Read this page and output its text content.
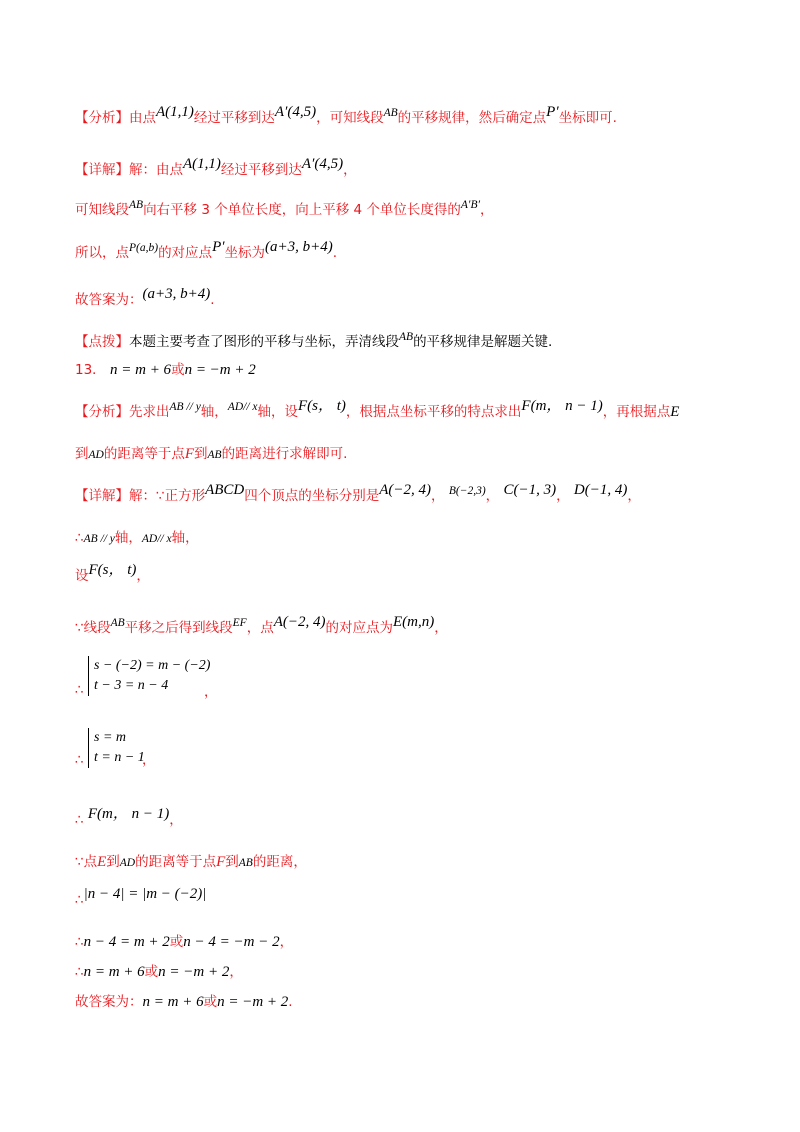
【分析】由点A(1,1)经过平移到达A′(4,5)，可知线段AB的平移规律，然后确定点P′坐标即可.
【详解】解：由点A(1,1)经过平移到达A′(4,5)，
可知线段AB向右平移 3 个单位长度，向上平移 4 个单位长度得的A′B′，
所以，点P(a,b)的对应点P′坐标为(a+3, b+4).
故答案为：(a+3, b+4).
【点拨】本题主要考查了图形的平移与坐标，弄清线段AB的平移规律是解题关键.
13． n = m + 6或n = −m + 2
【分析】先求出AB // y轴，AD// x轴，设F(s， t)，根据点坐标平移的特点求出F(m， n − 1)，再根据点E
到AD的距离等于点F到AB的距离进行求解即可.
【详解】解：∵正方形ABCD四个顶点的坐标分别是A(−2, 4)， B(−2,3)， C(−1, 3)， D(−1, 4)，
∴AB // y轴，AD// x轴，
设F(s， t)，
∵线段AB平移之后得到线段EF，点A(−2, 4)的对应点为E(m,n)，
s − (−2) = m − (−2)
t − 3 = n − 4
∴	，
s = m
t = n − 1
∴	，
∴ F(m， n − 1)，
∵点E到AD的距离等于点F到AB的距离，
∴|n − 4| = |m − (−2)|
∴n − 4 = m + 2或n − 4 = −m − 2，
∴n = m + 6或n = −m + 2，
故答案为：n = m + 6或n = −m + 2.
